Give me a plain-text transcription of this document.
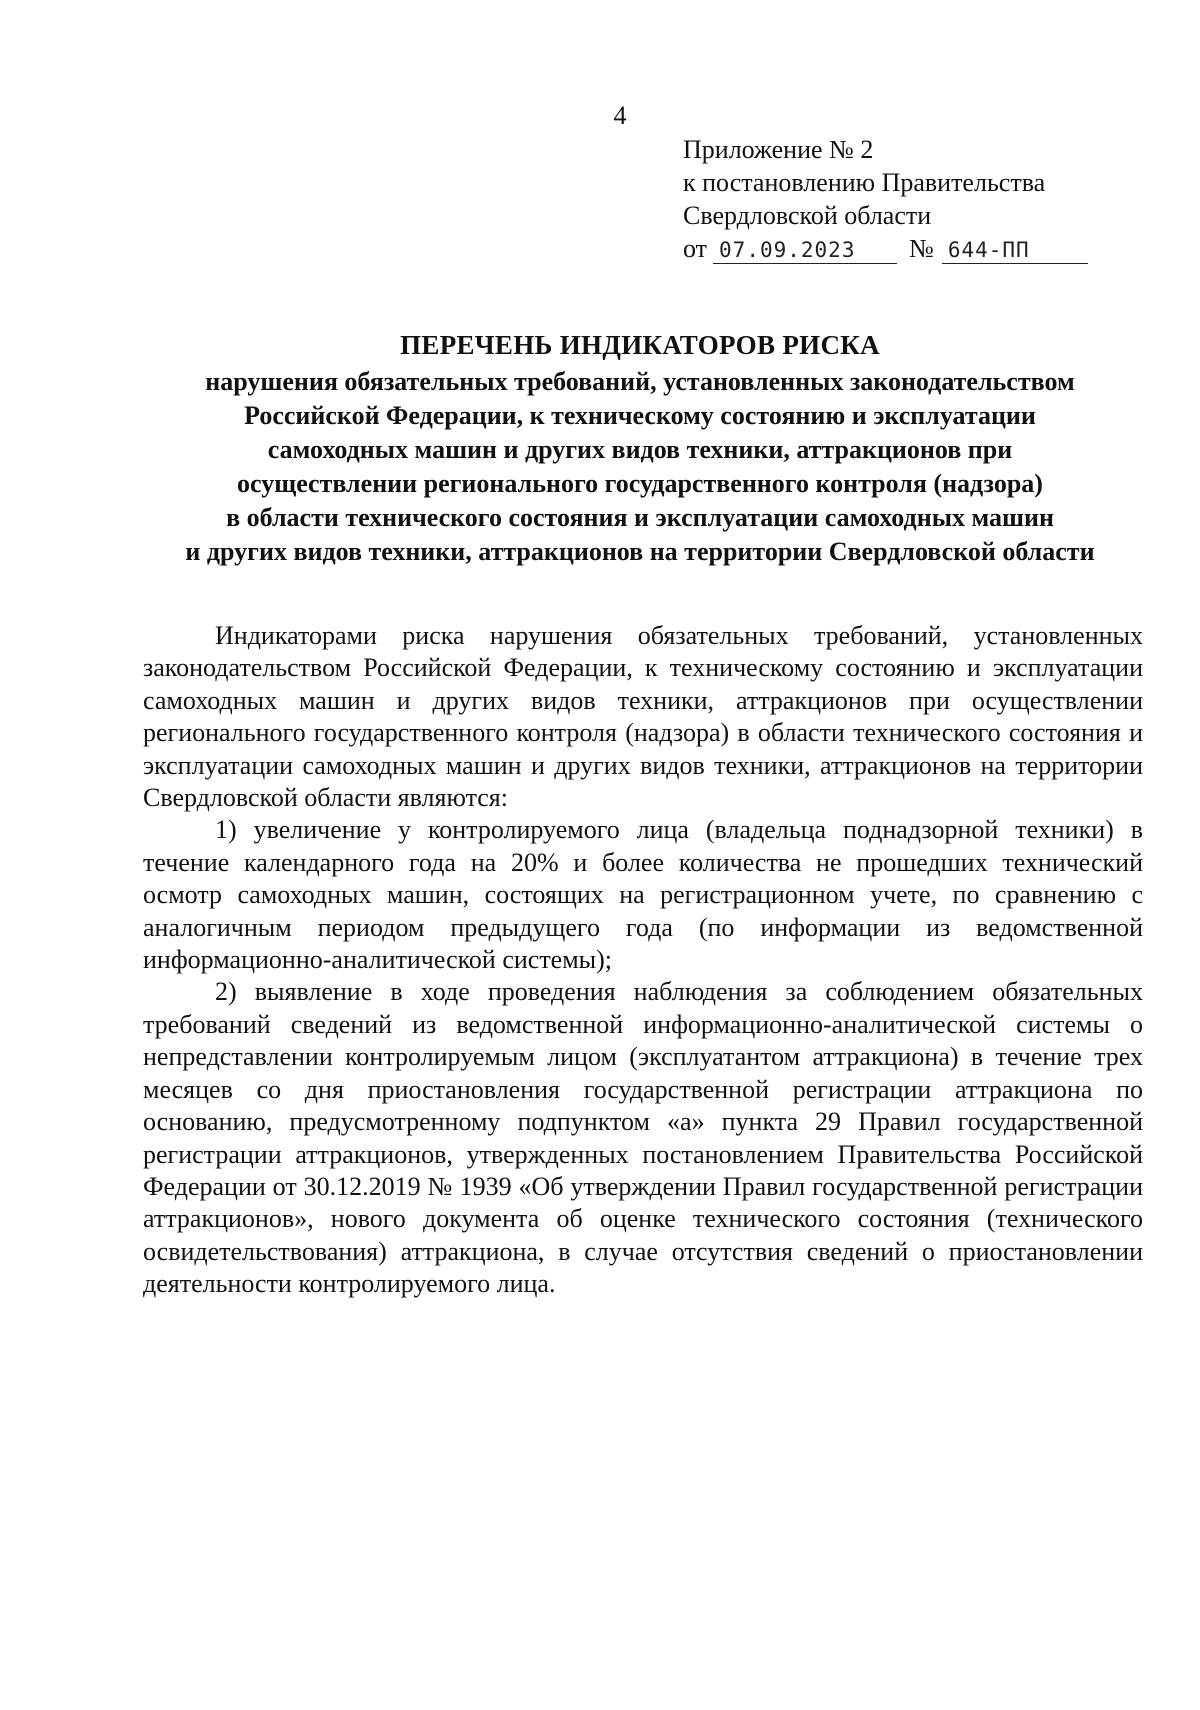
4
Приложение № 2
к постановлению Правительства
Свердловской области
от 07.09.2023	№ 644-ПП
ПЕРЕЧЕНЬ ИНДИКАТОРОВ РИСКА
нарушения обязательных требований, установленных законодательством
Российской Федерации, к техническому состоянию и эксплуатации
самоходных машин и других видов техники, аттракционов при
осуществлении регионального государственного контроля (надзора)
в области технического состояния и эксплуатации самоходных машин
и других видов техники, аттракционов на территории Свердловской области

Индикаторами риска нарушения обязательных требований, установленных законодательством Российской Федерации, к техническому состоянию и эксплуатации самоходных машин и других видов техники, аттракционов при осуществлении регионального государственного контроля (надзора) в области технического состояния и эксплуатации самоходных машин и других видов техники, аттракционов на территории Свердловской области являются:

1) увеличение у контролируемого лица (владельца поднадзорной техники) в течение календарного года на 20% и более количества не прошедших технический осмотр самоходных машин, состоящих на регистрационном учете, по сравнению с аналогичным периодом предыдущего года (по информации из ведомственной информационно-аналитической системы);

2) выявление в ходе проведения наблюдения за соблюдением обязательных требований сведений из ведомственной информационно-аналитической системы о непредставлении контролируемым лицом (эксплуатантом аттракциона) в течение трех месяцев со дня приостановления государственной регистрации аттракциона по основанию, предусмотренному подпунктом «а» пункта 29 Правил государственной регистрации аттракционов, утвержденных постановлением Правительства Российской Федерации от 30.12.2019 № 1939 «Об утверждении Правил государственной регистрации аттракционов», нового документа об оценке технического состояния (технического освидетельствования) аттракциона, в случае отсутствия сведений о приостановлении деятельности контролируемого лица.
